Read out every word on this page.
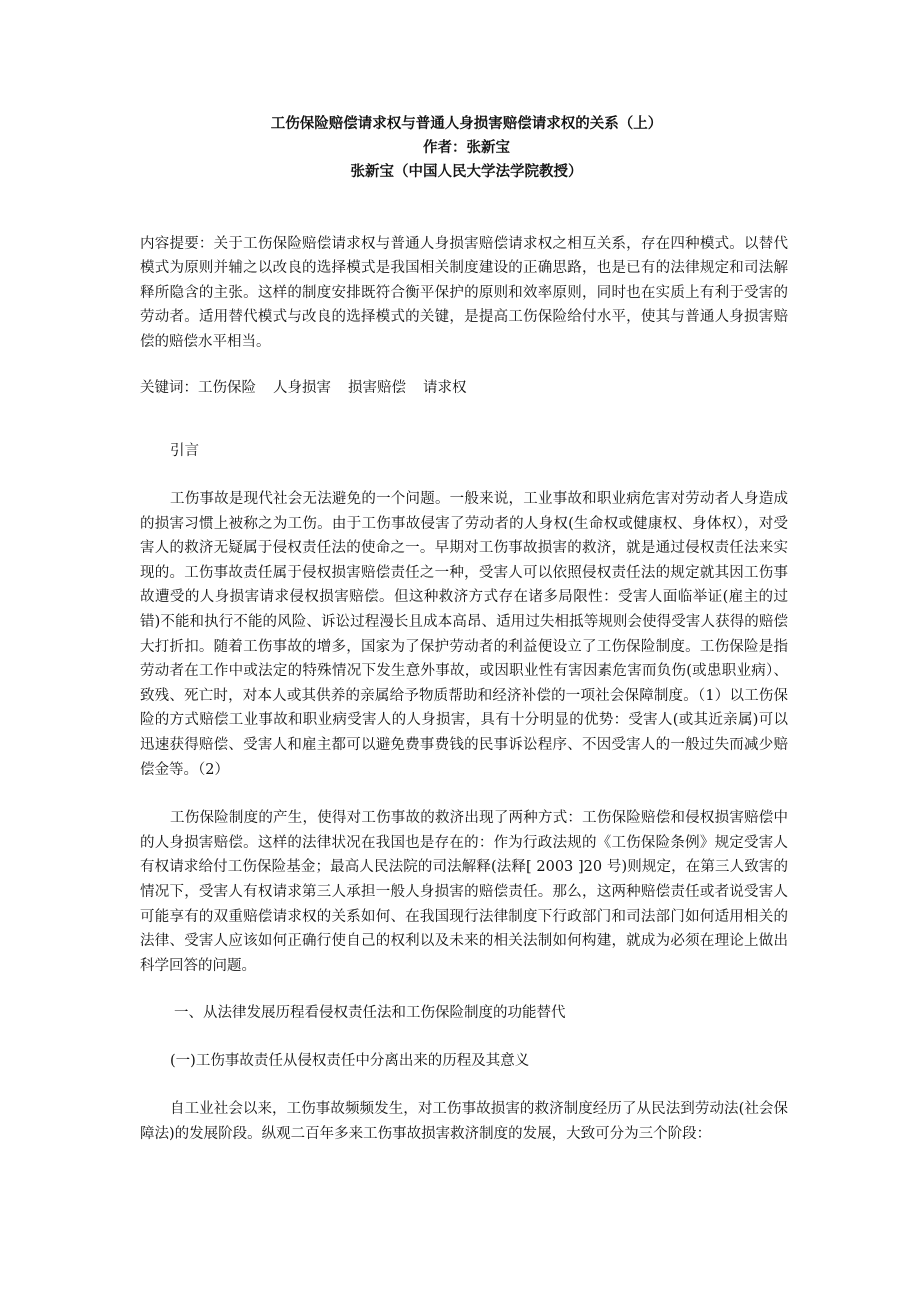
工伤保险赔偿请求权与普通人身损害赔偿请求权的关系（上）
作者：张新宝
张新宝（中国人民大学法学院教授）
内容提要：关于工伤保险赔偿请求权与普通人身损害赔偿请求权之相互关系，存在四种模式。以替代模式为原则并辅之以改良的选择模式是我国相关制度建设的正确思路，也是已有的法律规定和司法解释所隐含的主张。这样的制度安排既符合衡平保护的原则和效率原则，同时也在实质上有利于受害的劳动者。适用替代模式与改良的选择模式的关键，是提高工伤保险给付水平，使其与普通人身损害赔偿的赔偿水平相当。
关键词：工伤保险 人身损害 损害赔偿 请求权
引言
工伤事故是现代社会无法避免的一个问题。一般来说，工业事故和职业病危害对劳动者人身造成的损害习惯上被称之为工伤。由于工伤事故侵害了劳动者的人身权(生命权或健康权、身体权），对受害人的救济无疑属于侵权责任法的使命之一。早期对工伤事故损害的救济，就是通过侵权责任法来实现的。工伤事故责任属于侵权损害赔偿责任之一种，受害人可以依照侵权责任法的规定就其因工伤事故遭受的人身损害请求侵权损害赔偿。但这种救济方式存在诸多局限性：受害人面临举证(雇主的过错)不能和执行不能的风险、诉讼过程漫长且成本高昂、适用过失相抵等规则会使得受害人获得的赔偿大打折扣。随着工伤事故的增多，国家为了保护劳动者的利益便设立了工伤保险制度。工伤保险是指劳动者在工作中或法定的特殊情况下发生意外事故，或因职业性有害因素危害而负伤(或患职业病）、致残、死亡时，对本人或其供养的亲属给予物质帮助和经济补偿的一项社会保障制度。（1）以工伤保险的方式赔偿工业事故和职业病受害人的人身损害，具有十分明显的优势：受害人(或其近亲属)可以迅速获得赔偿、受害人和雇主都可以避免费事费钱的民事诉讼程序、不因受害人的一般过失而减少赔偿金等。（2）
工伤保险制度的产生，使得对工伤事故的救济出现了两种方式：工伤保险赔偿和侵权损害赔偿中的人身损害赔偿。这样的法律状况在我国也是存在的：作为行政法规的《工伤保险条例》规定受害人有权请求给付工伤保险基金；最高人民法院的司法解释(法释[ 2003 ]20 号)则规定，在第三人致害的情况下，受害人有权请求第三人承担一般人身损害的赔偿责任。那么，这两种赔偿责任或者说受害人可能享有的双重赔偿请求权的关系如何、在我国现行法律制度下行政部门和司法部门如何适用相关的法律、受害人应该如何正确行使自己的权利以及未来的相关法制如何构建，就成为必须在理论上做出科学回答的问题。
一、从法律发展历程看侵权责任法和工伤保险制度的功能替代
(一)工伤事故责任从侵权责任中分离出来的历程及其意义
自工业社会以来，工伤事故频频发生，对工伤事故损害的救济制度经历了从民法到劳动法(社会保障法)的发展阶段。纵观二百年多来工伤事故损害救济制度的发展，大致可分为三个阶段：
